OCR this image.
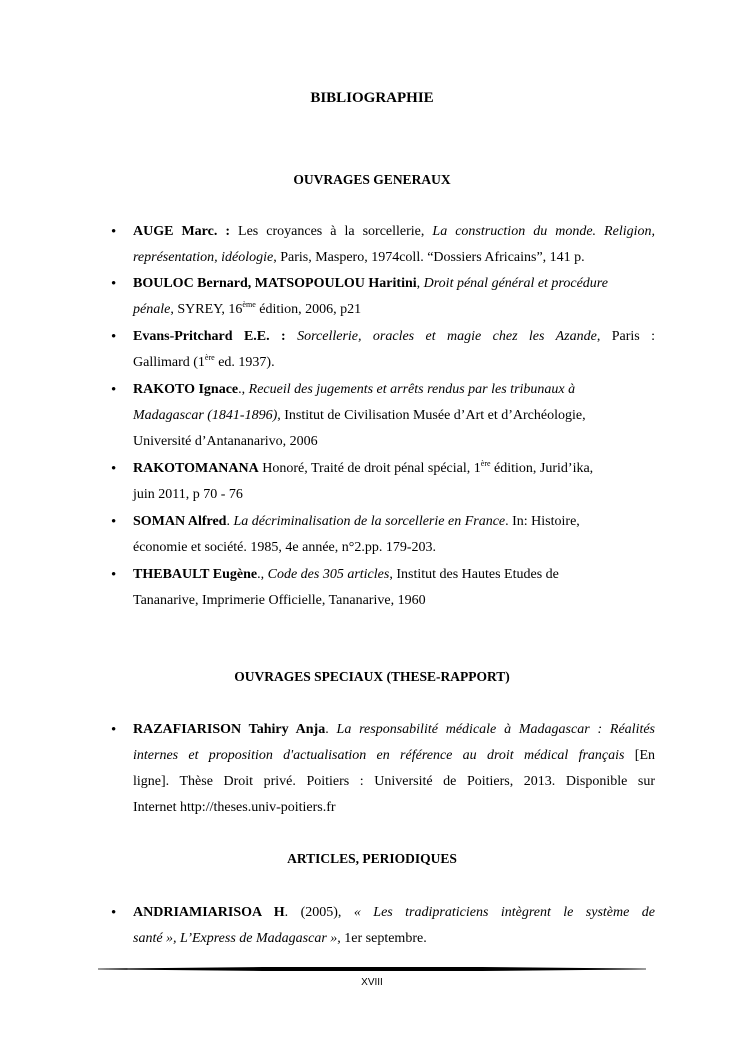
BIBLIOGRAPHIE
OUVRAGES GENERAUX
• AUGE Marc. : Les croyances à la sorcellerie, La construction du monde. Religion,
représentation, idéologie, Paris, Maspero, 1974coll. “Dossiers Africains”, 141 p.
• BOULOC Bernard, MATSOPOULOU Haritini, Droit pénal général et procédure
pénale, SYREY, 16ème édition, 2006, p21
• Evans-Pritchard E.E. : Sorcellerie, oracles et magie chez les Azande, Paris :
Gallimard (1ère ed. 1937).
• RAKOTO Ignace., Recueil des jugements et arrêts rendus par les tribunaux à
Madagascar (1841-1896), Institut de Civilisation Musée d’Art et d’Archéologie,
Université d’Antananarivo, 2006
• RAKOTOMANANA Honoré, Traité de droit pénal spécial, 1ère édition, Jurid’ika,
juin 2011, p 70 - 76
• SOMAN Alfred. La décriminalisation de la sorcellerie en France. In: Histoire,
économie et société. 1985, 4e année, n°2.pp. 179-203.
• THEBAULT Eugène., Code des 305 articles, Institut des Hautes Etudes de
Tananarive, Imprimerie Officielle, Tananarive, 1960
OUVRAGES SPECIAUX (THESE-RAPPORT)
• RAZAFIARISON Tahiry Anja. La responsabilité médicale à Madagascar : Réalités
internes et proposition d'actualisation en référence au droit médical français [En
ligne]. Thèse Droit privé. Poitiers : Université de Poitiers, 2013. Disponible sur
Internet http://theses.univ-poitiers.fr
ARTICLES, PERIODIQUES
• ANDRIAMIARISOA H. (2005), « Les tradipraticiens intègrent le système de
santé », L’Express de Madagascar », 1er septembre.
XVIII
